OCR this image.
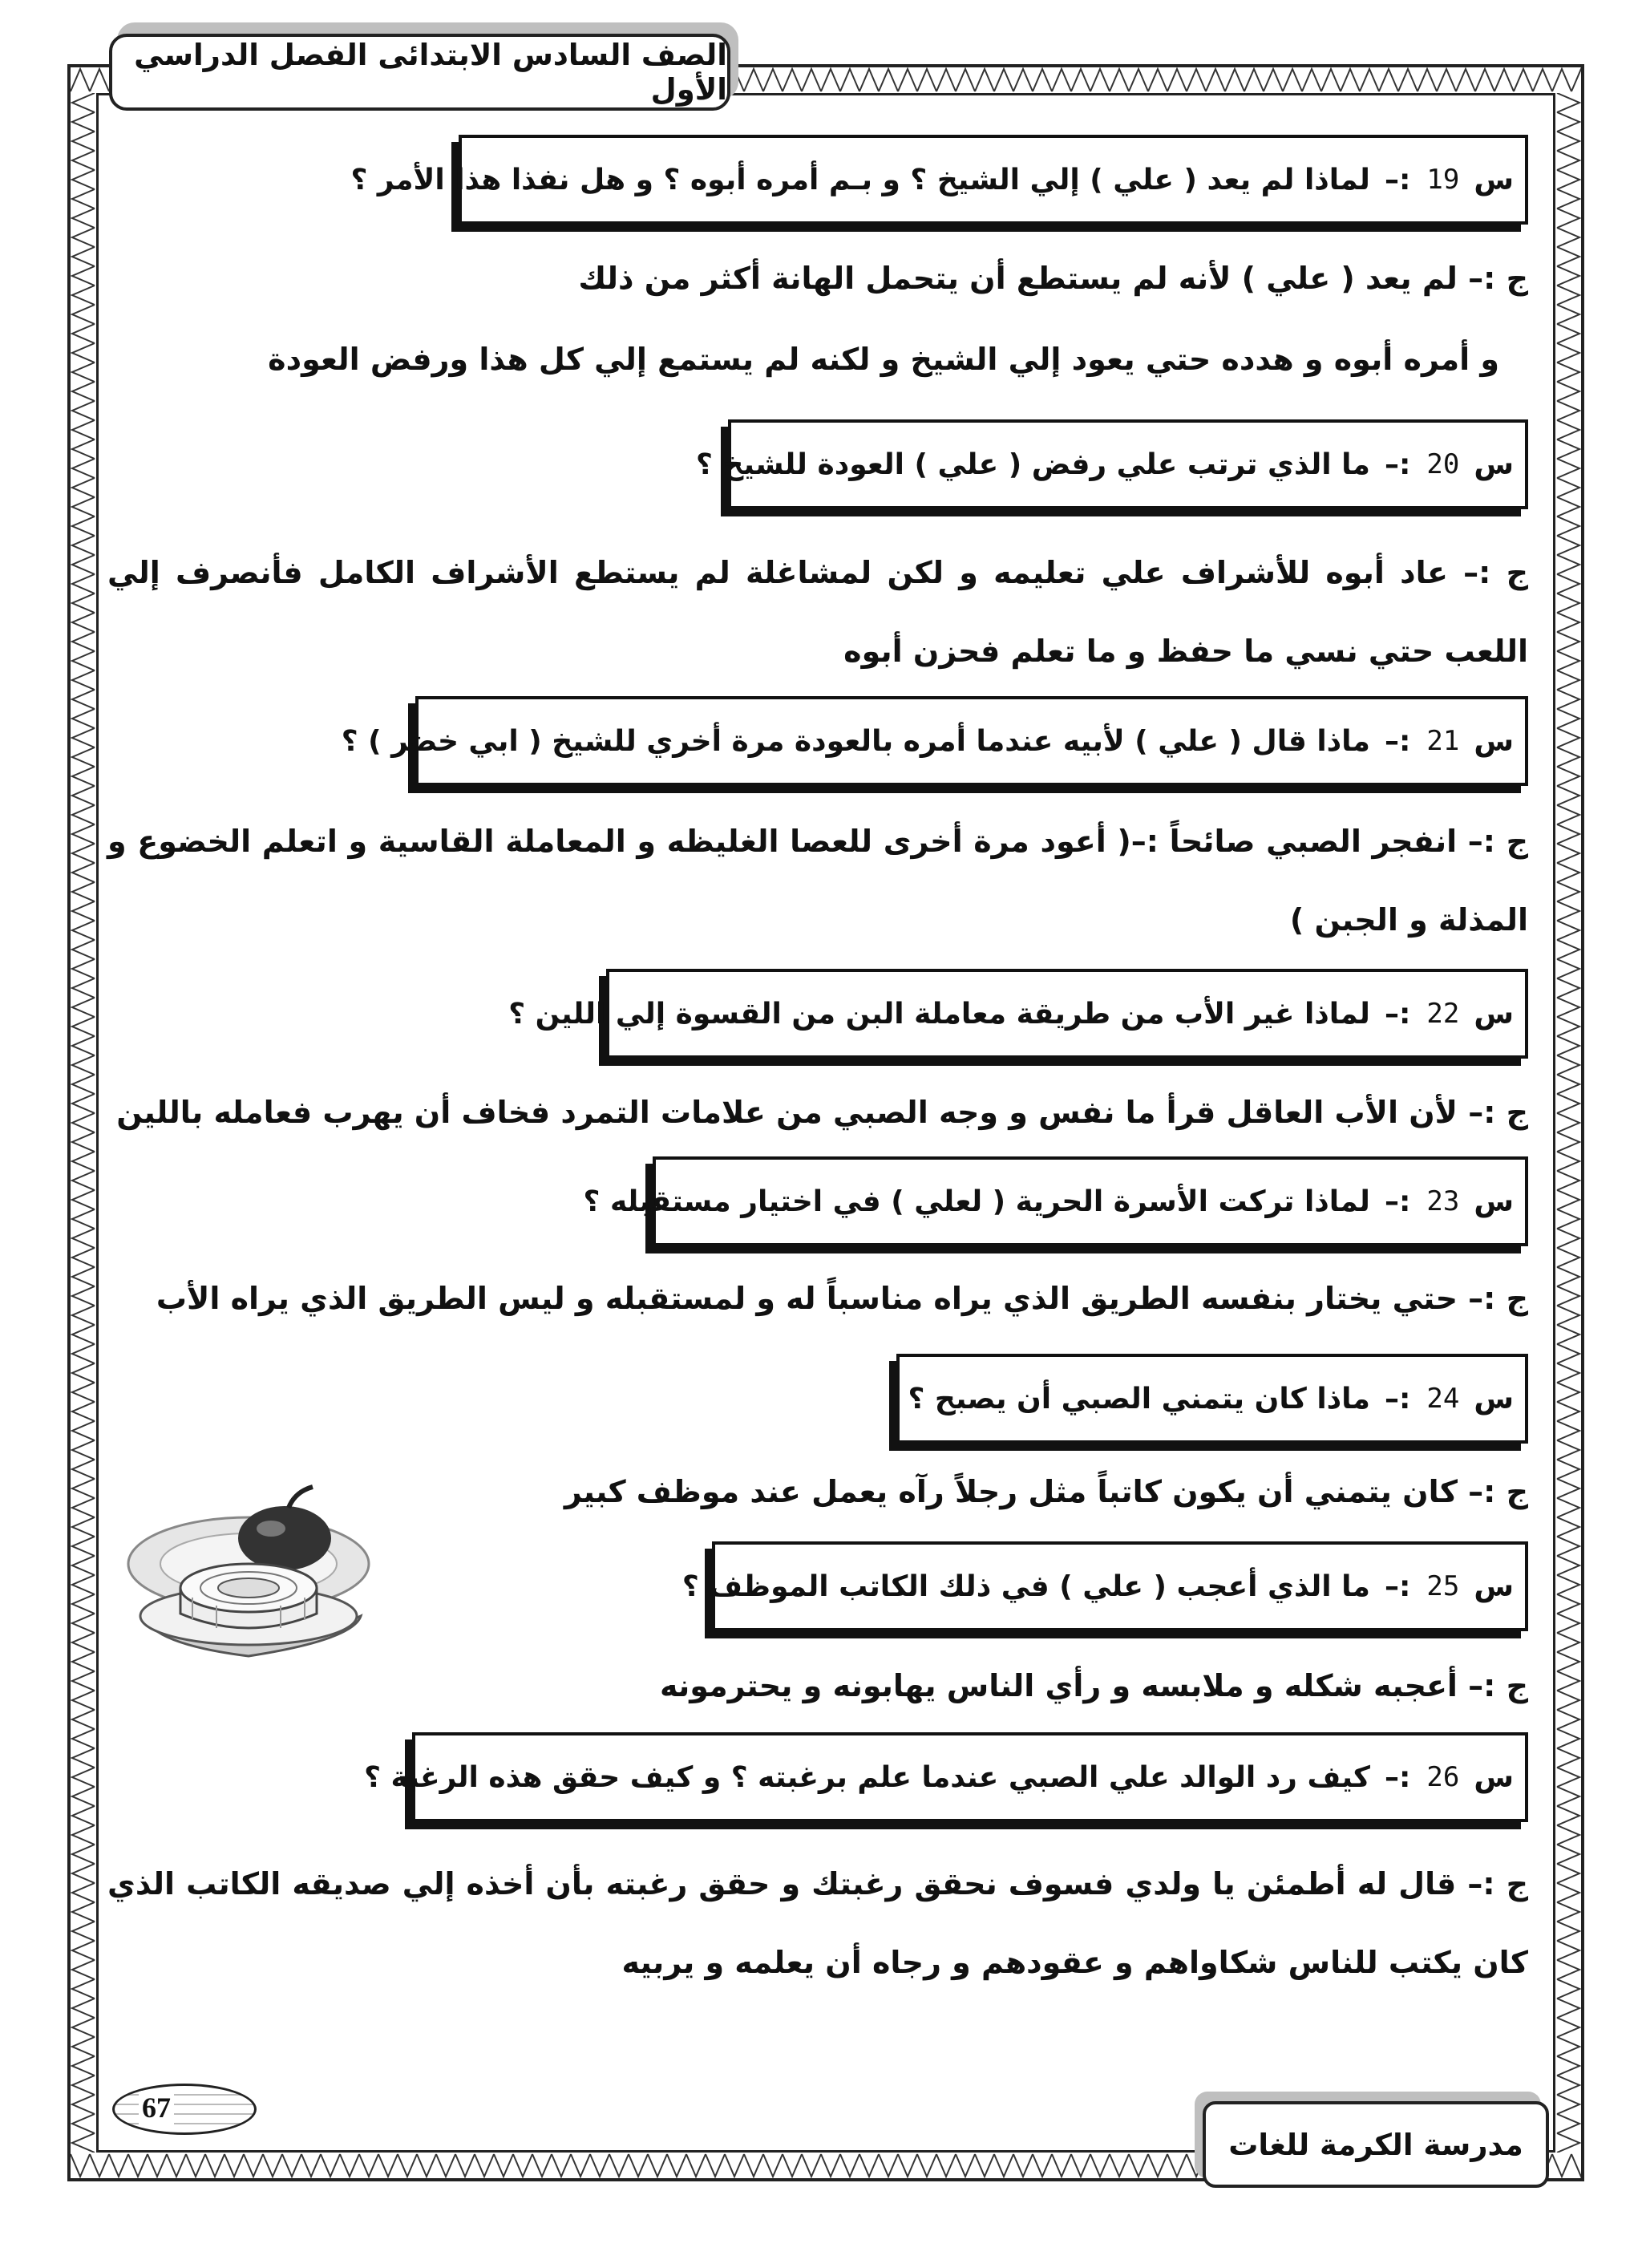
الصف السادس الابتدائى الفصل الدراسي الأول
67
مدرسة الكرمة للغات
س
19
:–
لماذا لم يعد ( علي ) إلي الشيخ ؟ و بـم أمره أبوه ؟ و هل نفذا هذا الأمر ؟
ج :– لم يعد ( علي ) لأنه لم يستطع أن يتحمل الهانة أكثر من ذلك
و أمره أبوه و هدده حتي يعود إلي الشيخ و لكنه لم يستمع إلي كل هذا ورفض العودة
س
20
:–
ما الذي ترتب علي رفض ( علي ) العودة للشيخ ؟
ج :– عاد أبوه للأشراف علي تعليمه و لكن لمشاغلة لم يستطع الأشراف الكامل فأنصرف إلي اللعب حتي نسي ما حفظ و ما تعلم فحزن أبوه
س
21
:–
ماذا قال ( علي ) لأبيه عندما أمره بالعودة مرة أخري للشيخ ( ابي خضر ) ؟
ج :– انفجر الصبي صائحاً :–( أعود مرة أخرى للعصا الغليظه و المعاملة القاسية و اتعلم الخضوع و المذلة و الجبن )
س
22
:–
لماذا غير الأب من طريقة معاملة البن من القسوة إلي اللين ؟
ج :– لأن الأب العاقل قرأ ما نفس و وجه الصبي من علامات التمرد فخاف أن يهرب فعامله باللين
س
23
:–
لماذا تركت الأسرة الحرية ( لعلي ) في اختيار مستقبله ؟
ج :– حتي يختار بنفسه الطريق الذي يراه مناسباً له و لمستقبله و ليس الطريق الذي يراه الأب
س
24
:–
ماذا كان يتمني الصبي أن يصبح ؟
ج :– كان يتمني أن يكون كاتباً مثل رجلاً رآه يعمل عند موظف كبير
س
25
:–
ما الذي أعجب ( علي ) في ذلك الكاتب الموظف ؟
ج :– أعجبه شكله و ملابسه و رأي الناس يهابونه و يحترمونه
س
26
:–
كيف رد الوالد علي الصبي عندما علم برغبته ؟ و كيف حقق هذه الرغبة ؟
ج :– قال له أطمئن يا ولدي فسوف نحقق رغبتك و حقق رغبته بأن أخذه إلي صديقه الكاتب الذي كان يكتب للناس شكاواهم و عقودهم و رجاه أن يعلمه و يربيه
